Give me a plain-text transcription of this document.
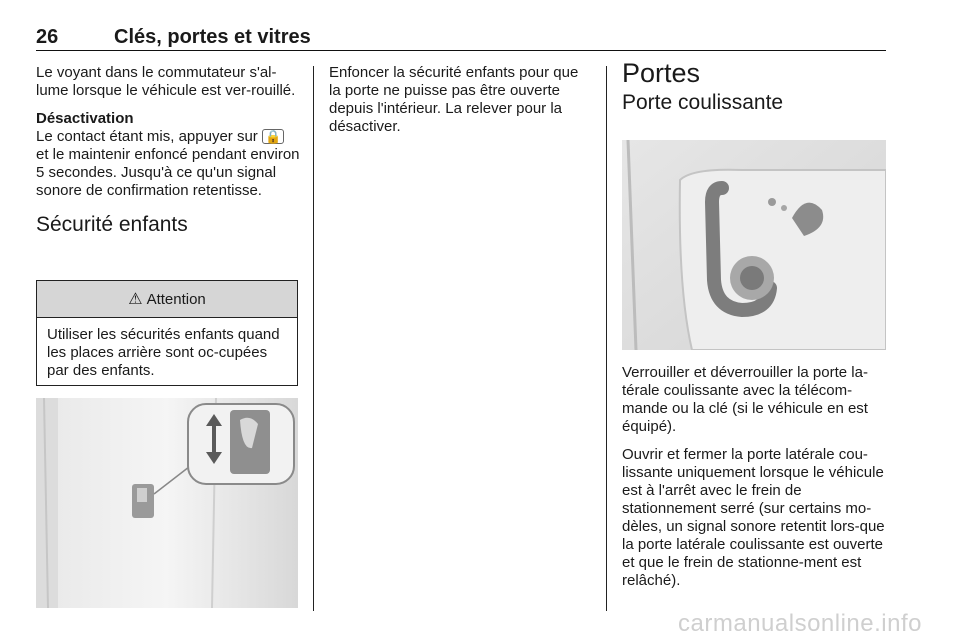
26	Clés, portes et vitres

Le voyant dans le commutateur s'al-lume lorsque le véhicule est ver-rouillé.

Désactivation

Le contact étant mis, appuyer sur 🔒 et le maintenir enfoncé pendant environ 5 secondes. Jusqu'à ce qu'un signal sonore de confirmation retentisse.

Sécurité enfants
⚠ Attention
Utiliser les sécurités enfants quand les places arrière sont oc-cupées par des enfants.

Enfoncer la sécurité enfants pour que la porte ne puisse pas être ouverte depuis l'intérieur. La relever pour la désactiver.

Portes
Porte coulissante

Verrouiller et déverrouiller la porte la-térale coulissante avec la télécom-mande ou la clé (si le véhicule en est équipé).

Ouvrir et fermer la porte latérale cou-lissante uniquement lorsque le véhicule est à l'arrêt avec le frein de stationnement serré (sur certains mo-dèles, un signal sonore retentit lors-que la porte latérale coulissante est ouverte et que le frein de stationne-ment est relâché).

carmanualsonline.info
